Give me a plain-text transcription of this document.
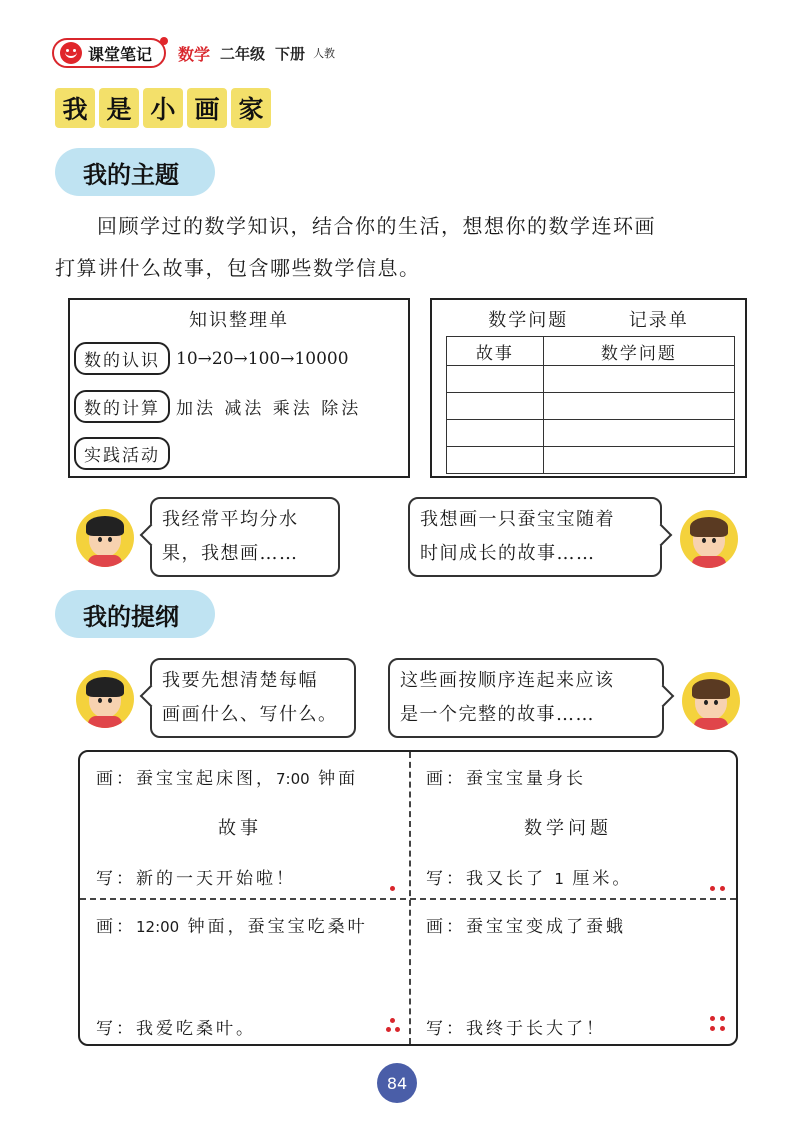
课堂笔记 数学 二年级 下册 人教
我 是 小 画 家
我的主题
回顾学过的数学知识，结合你的生活，想想你的数学连环画
打算讲什么故事，包含哪些数学信息。
知识整理单
数的认识 10→20→100→10000
数的计算 加法 减法 乘法 除法
实践活动
数学问题	记录单
故事	数学问题

我经常平均分水
果，我想画……
我想画一只蚕宝宝随着
时间成长的故事……
我的提纲
我要先想清楚每幅
画画什么、写什么。
这些画按顺序连起来应该
是一个完整的故事……
画：蚕宝宝起床图，7:00 钟面
故事
写：新的一天开始啦！
画：蚕宝宝量身长
数学问题
写：我又长了 1 厘米。
画：12:00 钟面，蚕宝宝吃桑叶
写：我爱吃桑叶。
画：蚕宝宝变成了蚕蛾
写：我终于长大了！
84
